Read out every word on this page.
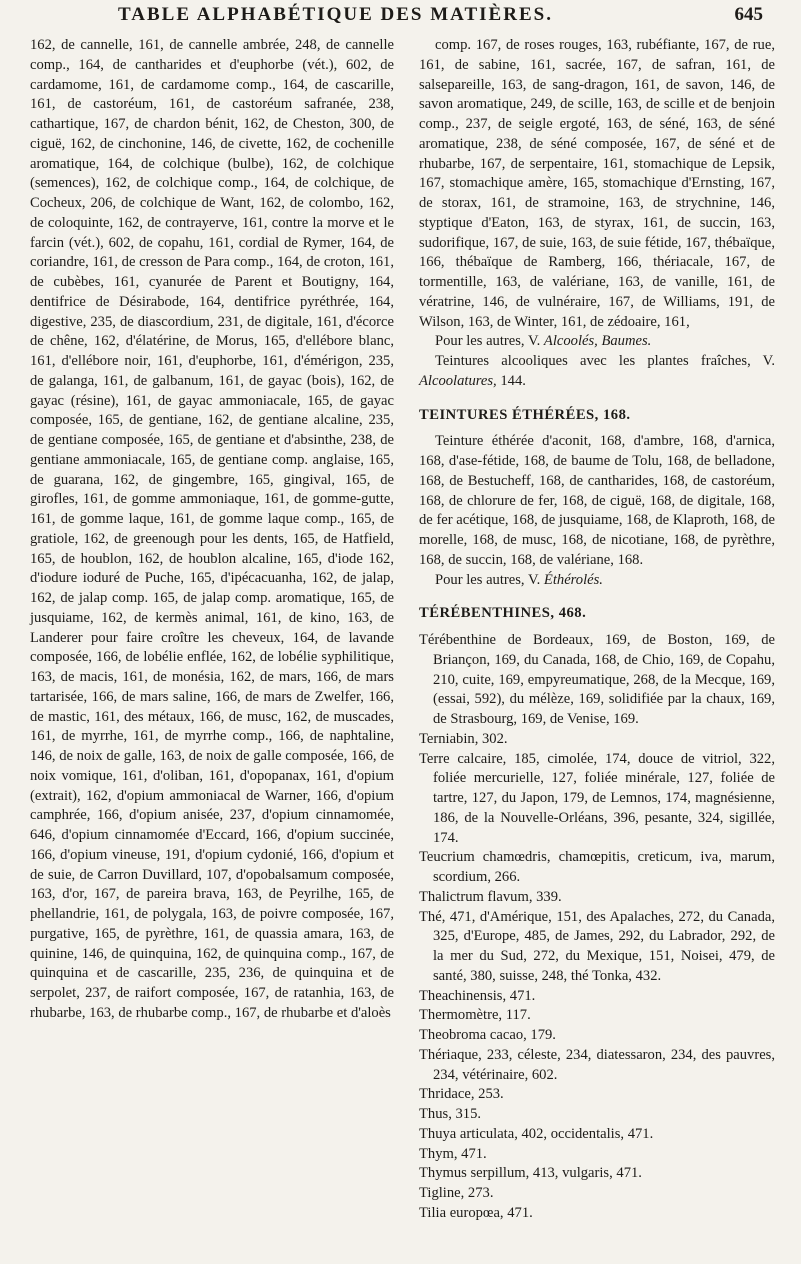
TABLE ALPHABÉTIQUE DES MATIÈRES.	645

162, de cannelle, 161, de cannelle ambrée, 248, de cannelle comp., 164, de cantharides et d'euphorbe (vét.), 602, de cardamome, 161, de cardamome comp., 164, de cascarille, 161, de castoréum, 161, de castoréum safranée, 238, cathartique, 167, de chardon bénit, 162, de Cheston, 300, de ciguë, 162, de cinchonine, 146, de civette, 162, de cochenille aromatique, 164, de colchique (bulbe), 162, de colchique (semences), 162, de colchique comp., 164, de colchique, de Cocheux, 206, de colchique de Want, 162, de colombo, 162, de coloquinte, 162, de contrayerve, 161, contre la morve et le farcin (vét.), 602, de copahu, 161, cordial de Rymer, 164, de coriandre, 161, de cresson de Para comp., 164, de croton, 161, de cubèbes, 161, cyanurée de Parent et Boutigny, 164, dentifrice de Désirabode, 164, dentifrice pyréthrée, 164, digestive, 235, de diascordium, 231, de digitale, 161, d'écorce de chêne, 162, d'élatérine, de Morus, 165, d'ellébore blanc, 161, d'ellébore noir, 161, d'euphorbe, 161, d'émérigon, 235, de galanga, 161, de galbanum, 161, de gayac (bois), 162, de gayac (résine), 161, de gayac ammoniacale, 165, de gayac composée, 165, de gentiane, 162, de gentiane alcaline, 235, de gentiane composée, 165, de gentiane et d'absinthe, 238, de gentiane ammoniacale, 165, de gentiane comp. anglaise, 165, de guarana, 162, de gingembre, 165, gingival, 165, de girofles, 161, de gomme ammoniaque, 161, de gomme-gutte, 161, de gomme laque, 161, de gomme laque comp., 165, de gratiole, 162, de greenough pour les dents, 165, de Hatfield, 165, de houblon, 162, de houblon alcaline, 165, d'iode 162, d'iodure ioduré de Puche, 165, d'ipécacuanha, 162, de jalap, 162, de jalap comp. 165, de jalap comp. aromatique, 165, de jusquiame, 162, de kermès animal, 161, de kino, 163, de Landerer pour faire croître les cheveux, 164, de lavande composée, 166, de lobélie enflée, 162, de lobélie syphilitique, 163, de macis, 161, de monésia, 162, de mars, 166, de mars tartarisée, 166, de mars saline, 166, de mars de Zwelfer, 166, de mastic, 161, des métaux, 166, de musc, 162, de muscades, 161, de myrrhe, 161, de myrrhe comp., 166, de naphtaline, 146, de noix de galle, 163, de noix de galle composée, 166, de noix vomique, 161, d'oliban, 161, d'opopanax, 161, d'opium (extrait), 162, d'opium ammoniacal de Warner, 166, d'opium camphrée, 166, d'opium anisée, 237, d'opium cinnamomée, 646, d'opium cinnamomée d'Eccard, 166, d'opium succinée, 166, d'opium vineuse, 191, d'opium cydonié, 166, d'opium et de suie, de Carron Duvillard, 107, d'opobalsamum composée, 163, d'or, 167, de pareira brava, 163, de Peyrilhe, 165, de phellandrie, 161, de polygala, 163, de poivre composée, 167, purgative, 165, de pyrèthre, 161, de quassia amara, 163, de quinine, 146, de quinquina, 162, de quinquina comp., 167, de quinquina et de cascarille, 235, 236, de quinquina et de serpolet, 237, de raifort composée, 167, de ratanhia, 163, de rhubarbe, 163, de rhubarbe comp., 167, de rhubarbe et d'aloès

comp. 167, de roses rouges, 163, rubéfiante, 167, de rue, 161, de sabine, 161, sacrée, 167, de safran, 161, de salsepareille, 163, de sang-dragon, 161, de savon, 146, de savon aromatique, 249, de scille, 163, de scille et de benjoin comp., 237, de seigle ergoté, 163, de séné, 163, de séné aromatique, 238, de séné composée, 167, de séné et de rhubarbe, 167, de serpentaire, 161, stomachique de Lepsik, 167, stomachique amère, 165, stomachique d'Ernsting, 167, de storax, 161, de stramoine, 163, de strychnine, 146, styptique d'Eaton, 163, de styrax, 161, de succin, 163, sudorifique, 167, de suie, 163, de suie fétide, 167, thébaïque, 166, thébaïque de Ramberg, 166, thériacale, 167, de tormentille, 163, de valériane, 163, de vanille, 161, de vératrine, 146, de vulnéraire, 167, de Williams, 191, de Wilson, 163, de Winter, 161, de zédoaire, 161,

Pour les autres, V. Alcoolés, Baumes.

Teintures alcooliques avec les plantes fraîches, V. Alcoolatures, 144.

TEINTURES ÉTHÉRÉES, 168.

Teinture éthérée d'aconit, 168, d'ambre, 168, d'arnica, 168, d'ase-fétide, 168, de baume de Tolu, 168, de belladone, 168, de Bestucheff, 168, de cantharides, 168, de castoréum, 168, de chlorure de fer, 168, de ciguë, 168, de digitale, 168, de fer acétique, 168, de jusquiame, 168, de Klaproth, 168, de morelle, 168, de musc, 168, de nicotiane, 168, de pyrèthre, 168, de succin, 168, de valériane, 168.

Pour les autres, V. Éthérolés.

TÉRÉBENTHINES, 468.

Térébenthine de Bordeaux, 169, de Boston, 169, de Briançon, 169, du Canada, 168, de Chio, 169, de Copahu, 210, cuite, 169, empyreumatique, 268, de la Mecque, 169, (essai, 592), du mélèze, 169, solidifiée par la chaux, 169, de Strasbourg, 169, de Venise, 169.

Terniabin, 302.

Terre calcaire, 185, cimolée, 174, douce de vitriol, 322, foliée mercurielle, 127, foliée minérale, 127, foliée de tartre, 127, du Japon, 179, de Lemnos, 174, magnésienne, 186, de la Nouvelle-Orléans, 396, pesante, 324, sigillée, 174.

Teucrium chamœdris, chamœpitis, creticum, iva, marum, scordium, 266.

Thalictrum flavum, 339.

Thé, 471, d'Amérique, 151, des Apalaches, 272, du Canada, 325, d'Europe, 485, de James, 292, du Labrador, 292, de la mer du Sud, 272, du Mexique, 151, Noisei, 479, de santé, 380, suisse, 248, thé Tonka, 432.

Theachinensis, 471.

Thermomètre, 117.

Theobroma cacao, 179.

Thériaque, 233, céleste, 234, diatessaron, 234, des pauvres, 234, vétérinaire, 602.

Thridace, 253.

Thus, 315.

Thuya articulata, 402, occidentalis, 471.

Thym, 471.

Thymus serpillum, 413, vulgaris, 471.

Tigline, 273.

Tilia europœa, 471.
